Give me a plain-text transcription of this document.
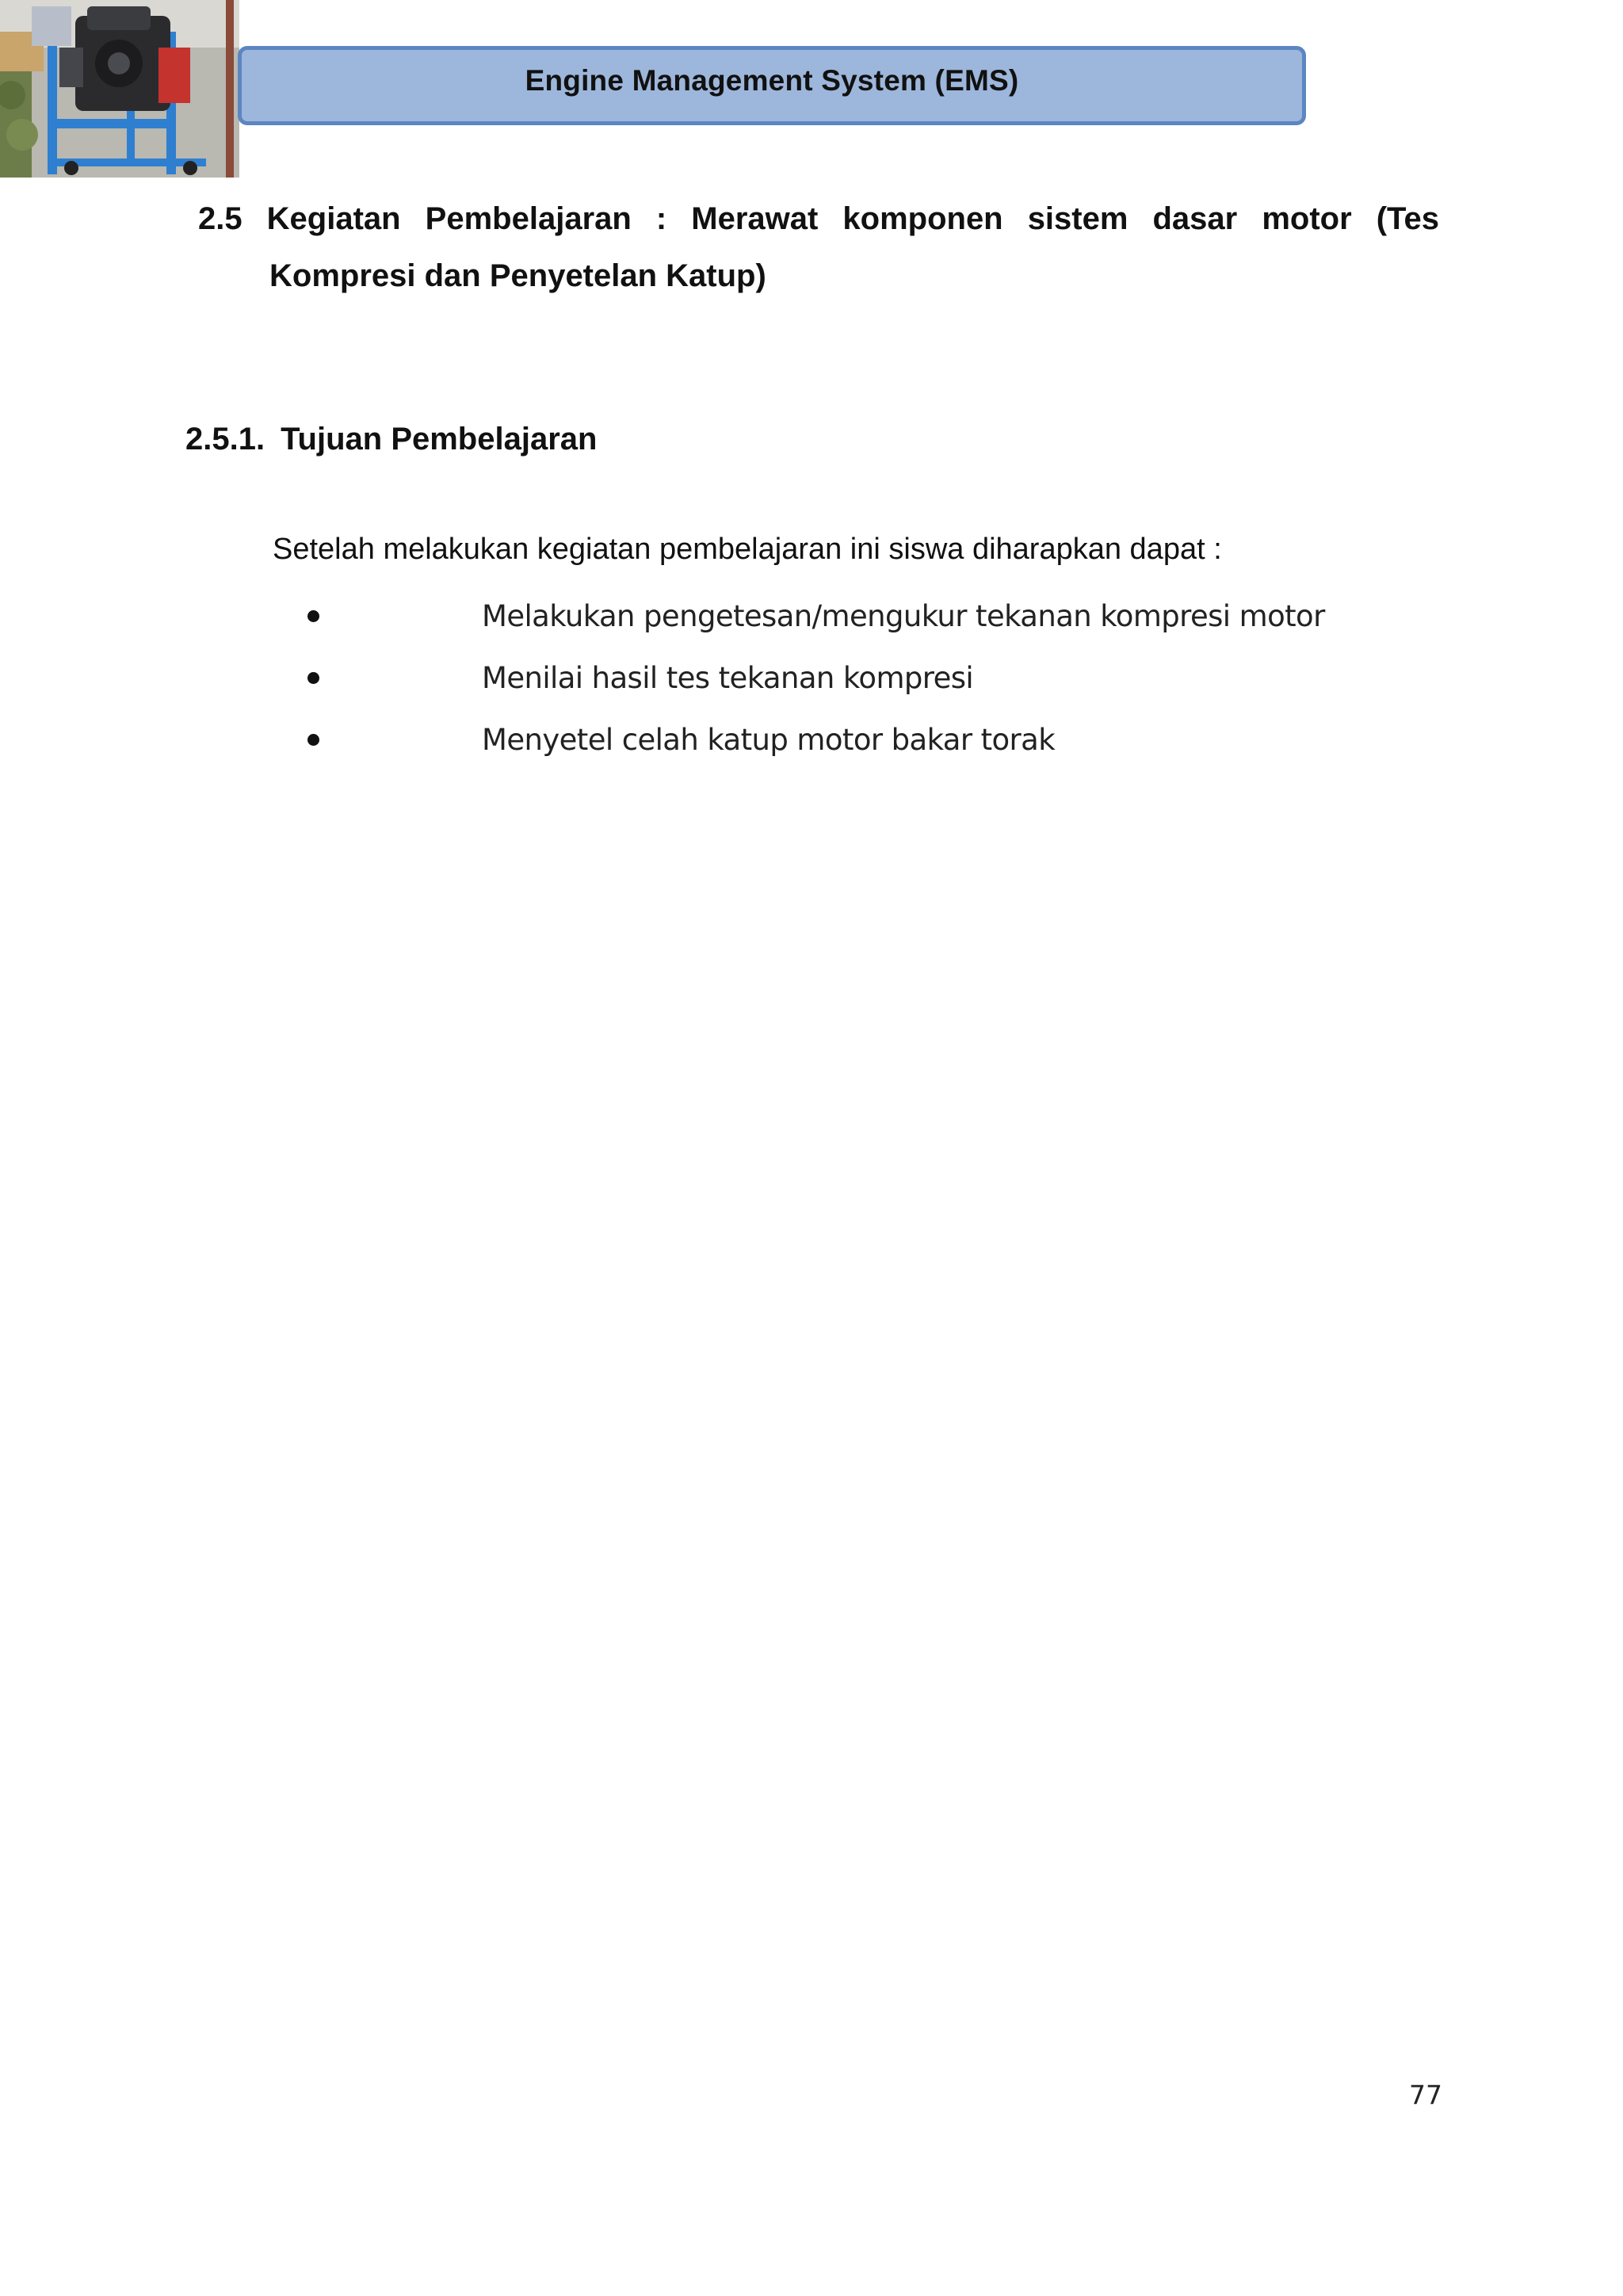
Engine Management System (EMS)
2.5 Kegiatan Pembelajaran : Merawat komponen sistem dasar motor (Tes
Kompresi dan Penyetelan Katup)
2.5.1. Tujuan Pembelajaran
Setelah melakukan kegiatan pembelajaran ini siswa diharapkan dapat :
Melakukan pengetesan/mengukur tekanan kompresi motor
Menilai hasil tes tekanan kompresi
Menyetel celah katup motor bakar torak
77
